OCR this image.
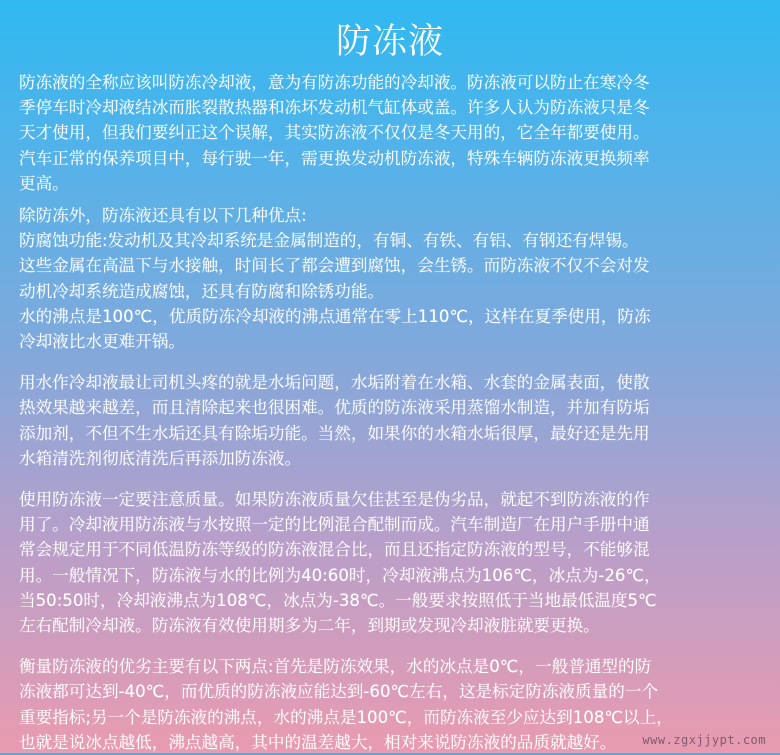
防冻液
防冻液的全称应该叫防冻冷却液，意为有防冻功能的冷却液。防冻液可以防止在寒冷冬
季停车时冷却液结冰而胀裂散热器和冻坏发动机气缸体或盖。许多人认为防冻液只是冬
天才使用，但我们要纠正这个误解，其实防冻液不仅仅是冬天用的，它全年都要使用。
汽车正常的保养项目中，每行驶一年，需更换发动机防冻液，特殊车辆防冻液更换频率
更高。
除防冻外，防冻液还具有以下几种优点:
防腐蚀功能:发动机及其冷却系统是金属制造的，有铜、有铁、有铝、有钢还有焊锡。
这些金属在高温下与水接触，时间长了都会遭到腐蚀，会生锈。而防冻液不仅不会对发
动机冷却系统造成腐蚀，还具有防腐和除锈功能。
水的沸点是100℃，优质防冻冷却液的沸点通常在零上110℃，这样在夏季使用，防冻
冷却液比水更难开锅。
用水作冷却液最让司机头疼的就是水垢问题，水垢附着在水箱、水套的金属表面，使散
热效果越来越差，而且清除起来也很困难。优质的防冻液采用蒸馏水制造，并加有防垢
添加剂，不但不生水垢还具有除垢功能。当然，如果你的水箱水垢很厚，最好还是先用
水箱清洗剂彻底清洗后再添加防冻液。
使用防冻液一定要注意质量。如果防冻液质量欠佳甚至是伪劣品，就起不到防冻液的作
用了。冷却液用防冻液与水按照一定的比例混合配制而成。汽车制造厂在用户手册中通
常会规定用于不同低温防冻等级的防冻液混合比，而且还指定防冻液的型号，不能够混
用。一般情况下，防冻液与水的比例为40:60时，冷却液沸点为106℃，冰点为-26℃，
当50:50时，冷却液沸点为108℃，冰点为-38℃。一般要求按照低于当地最低温度5℃
左右配制冷却液。防冻液有效使用期多为二年，到期或发现冷却液脏就要更换。
衡量防冻液的优劣主要有以下两点:首先是防冻效果，水的冰点是0℃，一般普通型的防
冻液都可达到-40℃，而优质的防冻液应能达到-60℃左右，这是标定防冻液质量的一个
重要指标;另一个是防冻液的沸点，水的沸点是100℃，而防冻液至少应达到108℃以上，
也就是说冰点越低，沸点越高，其中的温差越大，相对来说防冻液的品质就越好。	www.zgxjjypt.com
